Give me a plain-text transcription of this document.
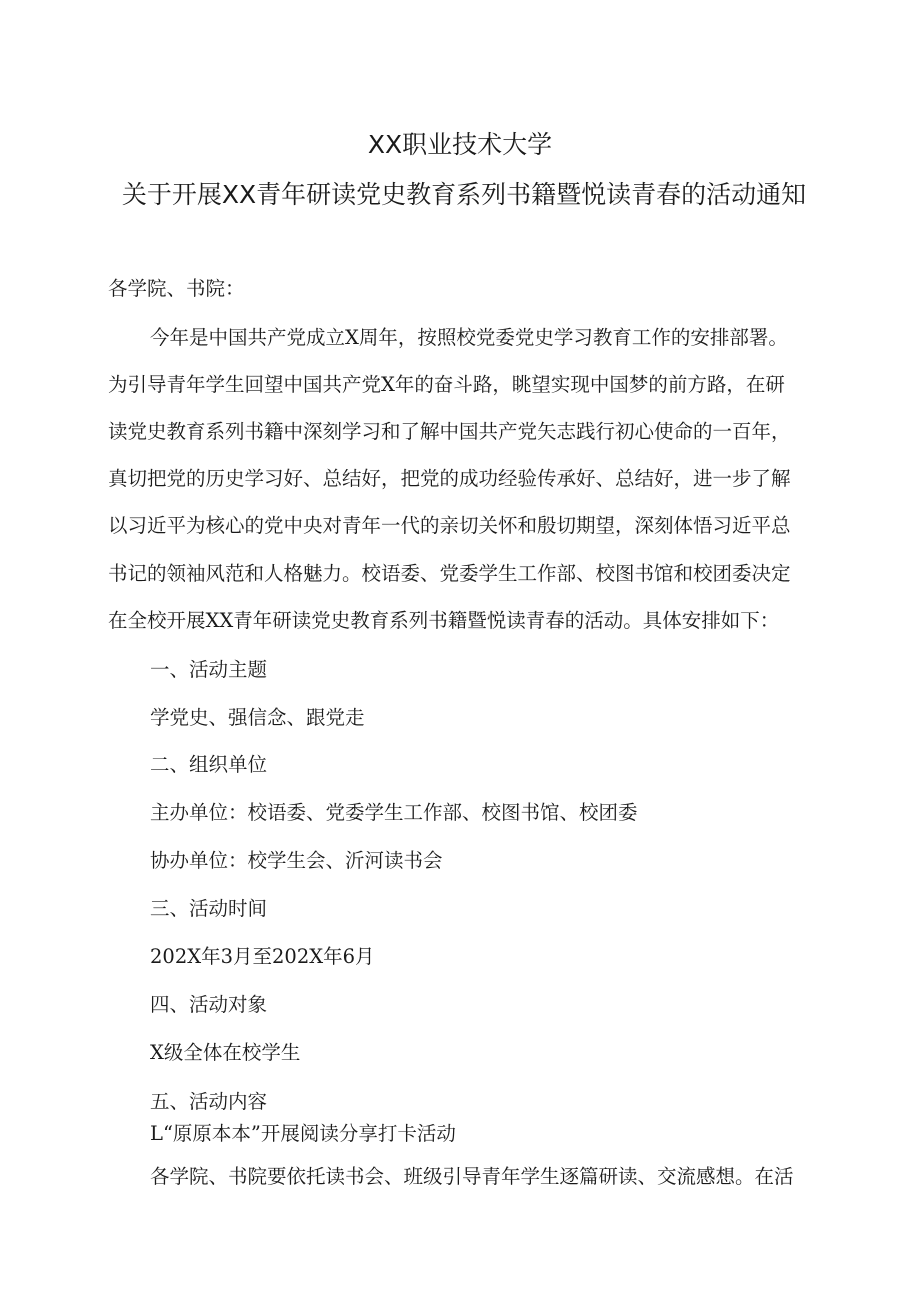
XX职业技术大学
关于开展XX青年研读党史教育系列书籍暨悦读青春的活动通知
各学院、书院：
今年是中国共产党成立X周年，按照校党委党史学习教育工作的安排部署。
为引导青年学生回望中国共产党X年的奋斗路，眺望实现中国梦的前方路，在研
读党史教育系列书籍中深刻学习和了解中国共产党矢志践行初心使命的一百年，
真切把党的历史学习好、总结好，把党的成功经验传承好、总结好，进一步了解
以习近平为核心的党中央对青年一代的亲切关怀和殷切期望，深刻体悟习近平总
书记的领袖风范和人格魅力。校语委、党委学生工作部、校图书馆和校团委决定
在全校开展XX青年研读党史教育系列书籍暨悦读青春的活动。具体安排如下：
一、活动主题
学党史、强信念、跟党走
二、组织单位
主办单位：校语委、党委学生工作部、校图书馆、校团委
协办单位：校学生会、沂河读书会
三、活动时间
202X年3月至202X年6月
四、活动对象
X级全体在校学生
五、活动内容
L“原原本本”开展阅读分享打卡活动
各学院、书院要依托读书会、班级引导青年学生逐篇研读、交流感想。在活
